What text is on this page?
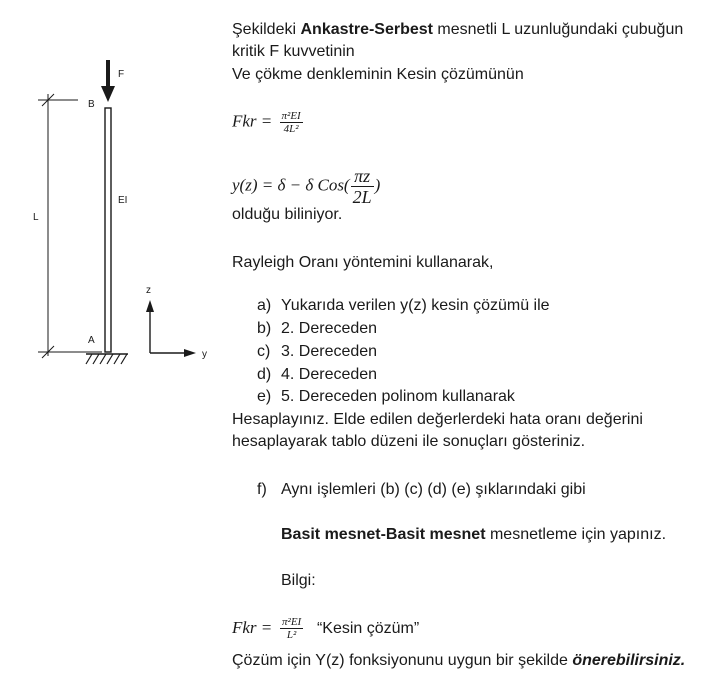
F
B
EI
A
L
z
y
Şekildeki Ankastre-Serbest mesnetli L uzunluğundaki çubuğun
kritik F kuvvetinin
Ve çökme denkleminin Kesin çözümünün
Fkr = $\frac{\text{π²EI}}{\text{4L²}}$
y(z) = δ − δ $Cos( \frac{\pi z}{2L}$ )
olduğu biliniyor.
Rayleigh Oranı yöntemini kullanarak,
a) Yukarıda verilen y(z) kesin çözümü ile
b) 2. Dereceden
c) 3. Dereceden
d) 4. Dereceden
e) 5. Dereceden polinom kullanarak
Hesaplayınız. Elde edilen değerlerdeki hata oranı değerini
hesaplayarak tablo düzeni ile sonuçları gösteriniz.
f) Aynı işlemleri (b) (c) (d) (e) şıklarındaki gibi
Basit mesnet-Basit mesnet mesnetleme için yapınız.
Bilgi:
Fkr = $\frac{\text{π²EI}}{\text{L²}}$ “Kesin çözüm”
Çözüm için Y(z) fonksiyonunu uygun bir şekilde önerebilirsiniz.
